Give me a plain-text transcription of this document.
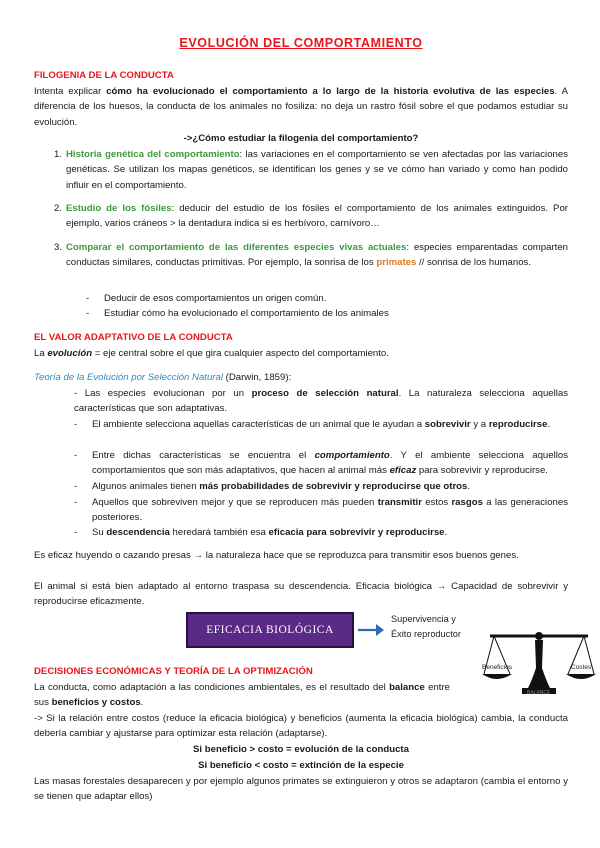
EVOLUCIÓN DEL COMPORTAMIENTO
FILOGENIA DE LA CONDUCTA
Intenta explicar cómo ha evolucionado el comportamiento a lo largo de la historia evolutiva de las especies. A diferencia de los huesos, la conducta de los animales no fosiliza: no deja un rastro fósil sobre el que podamos estudiar su evolución.
->¿Cómo estudiar la filogenia del comportamiento?
1. Historia genética del comportamiento: las variaciones en el comportamiento se ven afectadas por las variaciones genéticas. Se utilizan los mapas genéticos, se identifican los genes y se ve cómo han variado y como han podido influir en el comportamiento.
2. Estudio de los fósiles: deducir del estudio de los fósiles el comportamiento de los animales extinguidos. Por ejemplo, varios cráneos > la dentadura indica si es herbívoro, carnívoro…
3. Comparar el comportamiento de las diferentes especies vivas actuales: especies emparentadas comparten conductas similares, conductas primitivas. Por ejemplo, la sonrisa de los primates // sonrisa de los humanos.
- Deducir de esos comportamientos un origen común.
- Estudiar cómo ha evolucionado el comportamiento de los animales
EL VALOR ADAPTATIVO DE LA CONDUCTA
La evolución = eje central sobre el que gira cualquier aspecto del comportamiento.
Teoría de la Evolución por Selección Natural (Darwin, 1859):
- Las especies evolucionan por un proceso de selección natural. La naturaleza selecciona aquellas características que son adaptativas.
- El ambiente selecciona aquellas características de un animal que le ayudan a sobrevivir y a reproducirse.
- Entre dichas características se encuentra el comportamiento. Y el ambiente selecciona aquellos comportamientos que son más adaptativos, que hacen al animal más eficaz para sobrevivir y reproducirse.
- Algunos animales tienen más probabilidades de sobrevivir y reproducirse que otros.
- Aquellos que sobreviven mejor y que se reproducen más pueden transmitir estos rasgos a las generaciones posteriores.
- Su descendencia heredará también esa eficacia para sobrevivir y reproducirse.
Es eficaz huyendo o cazando presas → la naturaleza hace que se reproduzca para transmitir esos buenos genes.
El animal si está bien adaptado al entorno traspasa su descendencia. Eficacia biológica → Capacidad de sobrevivir y reproducirse eficazmente.
EFICACIA BIOLÓGICA
Supervivencia y
Éxito reproductor
Beneficios	Costes
BALANCE
DECISIONES ECONÓMICAS Y TEORÍA DE LA OPTIMIZACIÓN
La conducta, como adaptación a las condiciones ambientales, es el resultado del balance entre sus beneficios y costos.
-> Si la relación entre costos (reduce la eficacia biológica) y beneficios (aumenta la eficacia biológica) cambia, la conducta debería cambiar y ajustarse para optimizar esta relación (adaptarse).
Si beneficio > costo = evolución de la conducta
Si beneficio < costo = extinción de la especie
Las masas forestales desaparecen y por ejemplo algunos primates se extinguieron y otros se adaptaron (cambia el entorno y se tienen que adaptar ellos)
